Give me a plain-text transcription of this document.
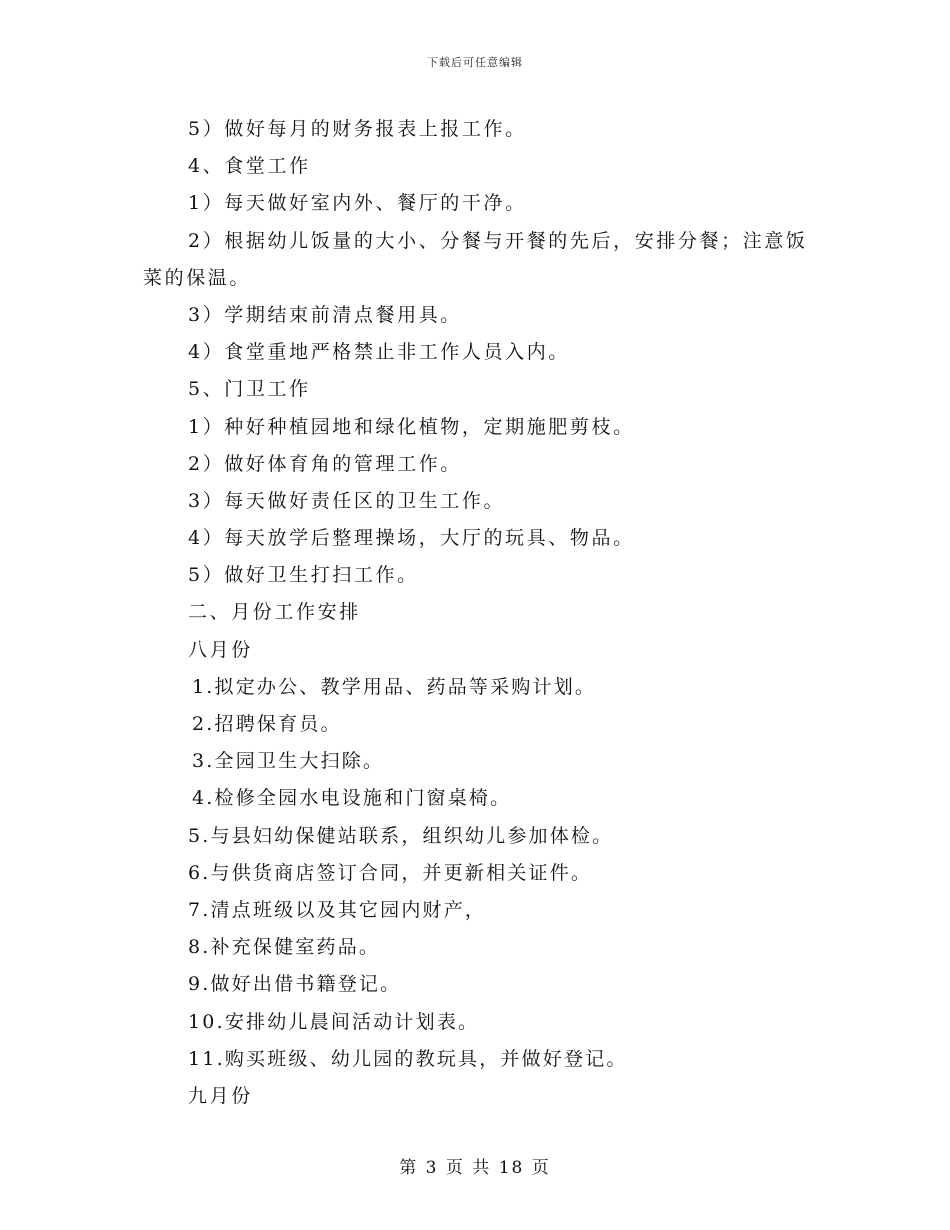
下载后可任意编辑
5）做好每月的财务报表上报工作。
4、食堂工作
1）每天做好室内外、餐厅的干净。
2）根据幼儿饭量的大小、分餐与开餐的先后，安排分餐；注意饭
菜的保温。
3）学期结束前清点餐用具。
4）食堂重地严格禁止非工作人员入内。
5、门卫工作
1）种好种植园地和绿化植物，定期施肥剪枝。
2）做好体育角的管理工作。
3）每天做好责任区的卫生工作。
4）每天放学后整理操场，大厅的玩具、物品。
5）做好卫生打扫工作。
二、月份工作安排
八月份
1.拟定办公、教学用品、药品等采购计划。
2.招聘保育员。
3.全园卫生大扫除。
4.检修全园水电设施和门窗桌椅。
5.与县妇幼保健站联系，组织幼儿参加体检。
6.与供货商店签订合同，并更新相关证件。
7.清点班级以及其它园内财产，
8.补充保健室药品。
9.做好出借书籍登记。
10.安排幼儿晨间活动计划表。
11.购买班级、幼儿园的教玩具，并做好登记。
九月份
第 3 页 共 18 页
